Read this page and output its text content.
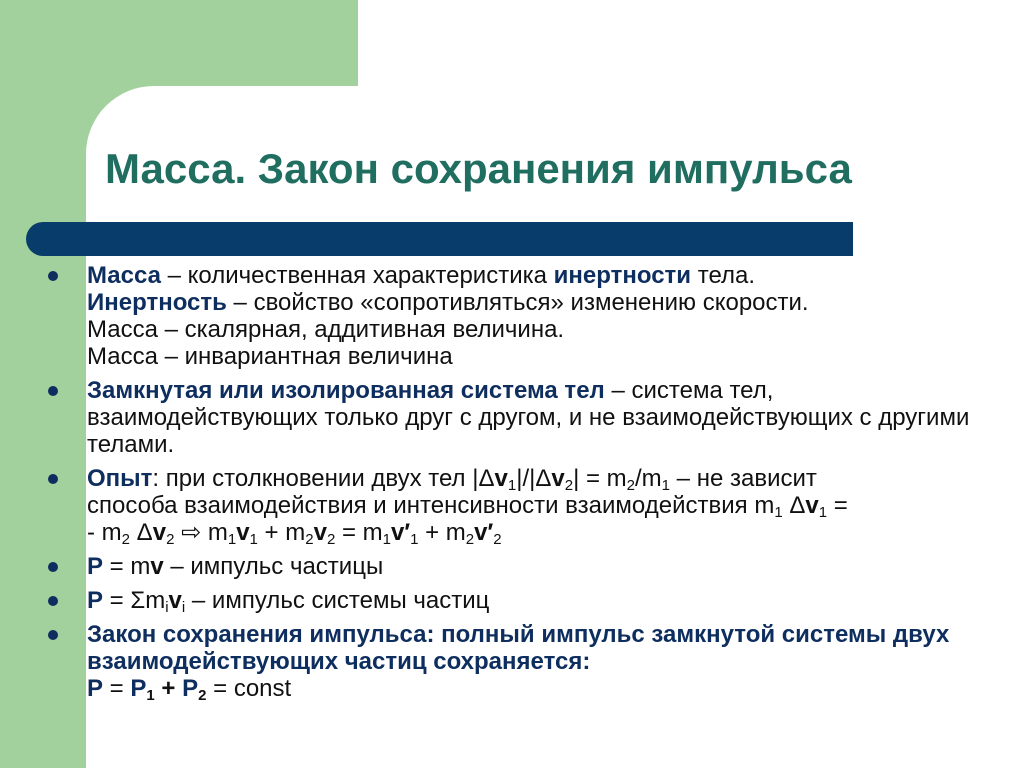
Масса. Закон сохранения импульса
Масса – количественная характеристика инертности тела.
Инертность – свойство «сопротивляться» изменению скорости.
Масса – скалярная, аддитивная величина.
Масса – инвариантная величина
Замкнутая или изолированная система тел – система тел, взаимодействующих только друг с другом, и не взаимодействующих с другими телами.
Опыт: при столкновении двух тел $|\Delta v_1|/|\Delta v_2| = m_2/m_1$ – не зависит
способа взаимодействия и интенсивности взаимодействия $m_1$ $\Delta v_1$ =
- $m_2$ $\Delta v_2$ ⇨ $m_1v_1 + m_2v_2 = m_1v'_1 + m_2v'_2$
P = mv – импульс частицы
$P = \Sigma m_iv_i$ – импульс системы частиц
Закон сохранения импульса: полный импульс замкнутой системы двух взаимодействующих частиц сохраняется:
$P = P_1 + P_2$ = const
